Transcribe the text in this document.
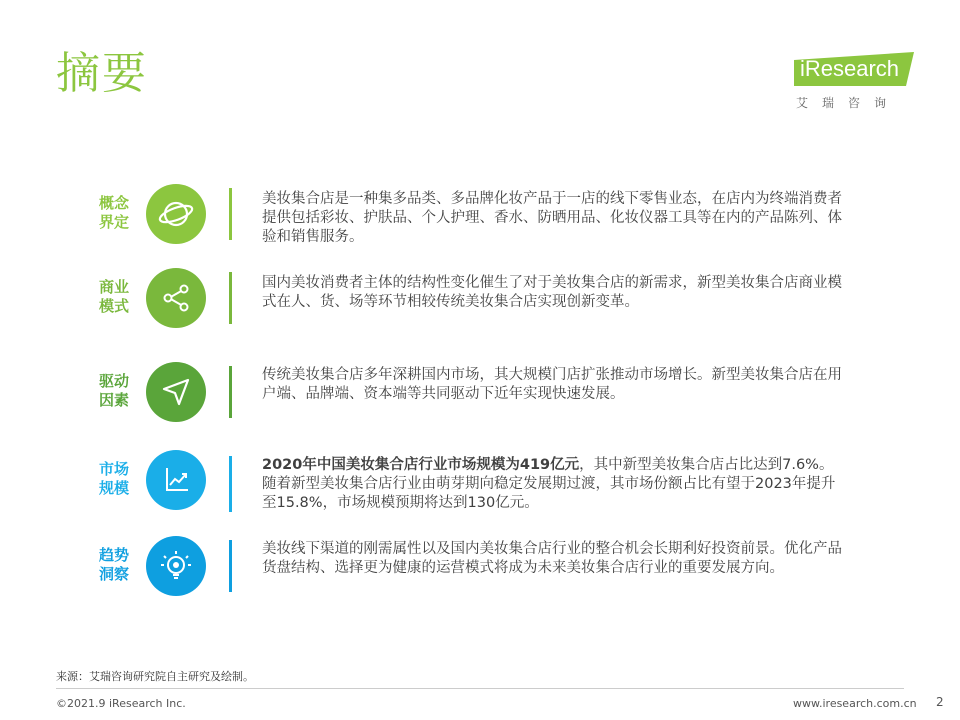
摘要	iResearch
艾瑞咨询
概念
界定
美妆集合店是一种集多品类、多品牌化妆产品于一店的线下零售业态，在店内为终端消费者提供包括彩妆、护肤品、个人护理、香水、防晒用品、化妆仪器工具等在内的产品陈列、体验和销售服务。
商业
模式
国内美妆消费者主体的结构性变化催生了对于美妆集合店的新需求，新型美妆集合店商业模式在人、货、场等环节相较传统美妆集合店实现创新变革。
驱动
因素
传统美妆集合店多年深耕国内市场，其大规模门店扩张推动市场增长。新型美妆集合店在用户端、品牌端、资本端等共同驱动下近年实现快速发展。
市场
规模
2020年中国美妆集合店行业市场规模为419亿元，其中新型美妆集合店占比达到7.6%。随着新型美妆集合店行业由萌芽期向稳定发展期过渡，其市场份额占比有望于2023年提升至15.8%，市场规模预期将达到130亿元。
趋势
洞察
美妆线下渠道的刚需属性以及国内美妆集合店行业的整合机会长期利好投资前景。优化产品货盘结构、选择更为健康的运营模式将成为未来美妆集合店行业的重要发展方向。
来源：艾瑞咨询研究院自主研究及绘制。
©2021.9 iResearch Inc.	www.iresearch.com.cn 2
